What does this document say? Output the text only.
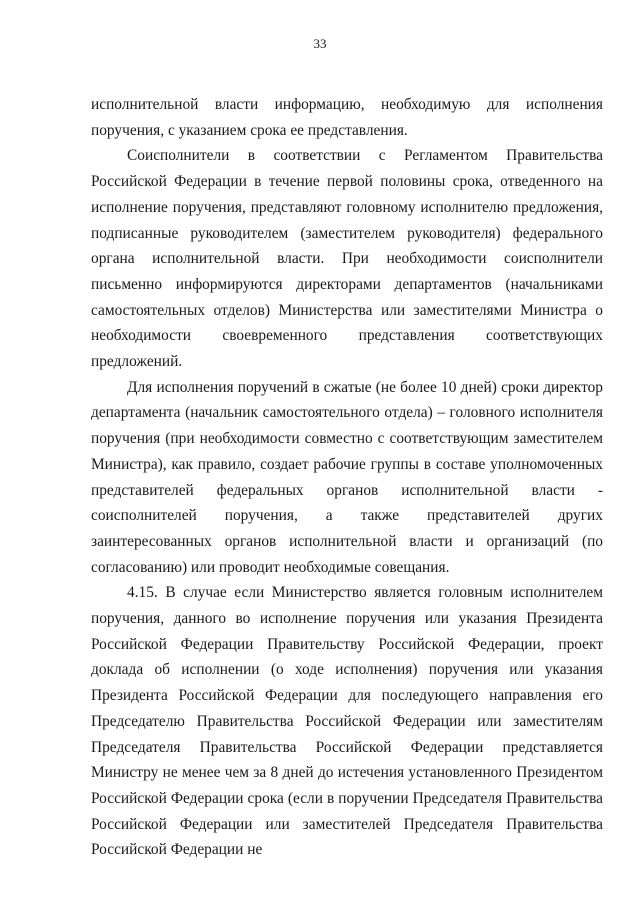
33

исполнительной власти информацию, необходимую для исполнения поручения, с указанием срока ее представления.

Соисполнители в соответствии с Регламентом Правительства Российской Федерации в течение первой половины срока, отведенного на исполнение поручения, представляют головному исполнителю предложения, подписанные руководителем (заместителем руководителя) федерального органа исполнительной власти. При необходимости соисполнители письменно информируются директорами департаментов (начальниками самостоятельных отделов) Министерства или заместителями Министра о необходимости своевременного представления соответствующих предложений.

Для исполнения поручений в сжатые (не более 10 дней) сроки директор департамента (начальник самостоятельного отдела) – головного исполнителя поручения (при необходимости совместно с соответствующим заместителем Министра), как правило, создает рабочие группы в составе уполномоченных представителей федеральных органов исполнительной власти - соисполнителей поручения, а также представителей других заинтересованных органов исполнительной власти и организаций (по согласованию) или проводит необходимые совещания.

4.15. В случае если Министерство является головным исполнителем поручения, данного во исполнение поручения или указания Президента Российской Федерации Правительству Российской Федерации, проект доклада об исполнении (о ходе исполнения) поручения или указания Президента Российской Федерации для последующего направления его Председателю Правительства Российской Федерации или заместителям Председателя Правительства Российской Федерации представляется Министру не менее чем за 8 дней до истечения установленного Президентом Российской Федерации срока (если в поручении Председателя Правительства Российской Федерации или заместителей Председателя Правительства Российской Федерации не
